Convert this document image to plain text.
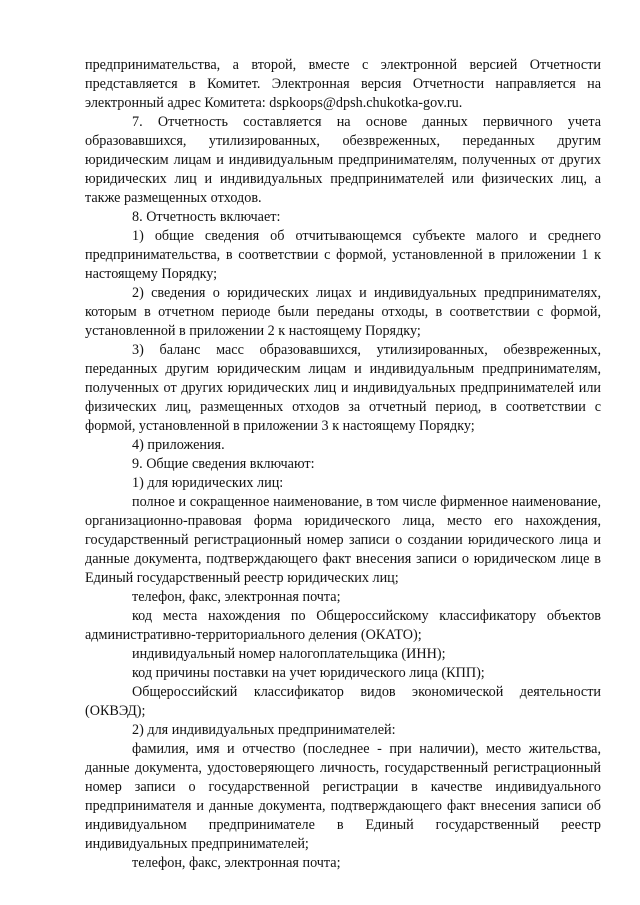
предпринимательства, а второй, вместе с электронной версией Отчетности представляется в Комитет. Электронная версия Отчетности направляется на электронный адрес Комитета: dspkoops@dpsh.chukotka-gov.ru.

7. Отчетность составляется на основе данных первичного учета образовавшихся, утилизированных, обезвреженных, переданных другим юридическим лицам и индивидуальным предпринимателям, полученных от других юридических лиц и индивидуальных предпринимателей или физических лиц, а также размещенных отходов.

8. Отчетность включает:

1) общие сведения об отчитывающемся субъекте малого и среднего предпринимательства, в соответствии с формой, установленной в приложении 1 к настоящему Порядку;

2) сведения о юридических лицах и индивидуальных предпринимателях, которым в отчетном периоде были переданы отходы, в соответствии с формой, установленной в приложении 2 к настоящему Порядку;

3) баланс масс образовавшихся, утилизированных, обезвреженных, переданных другим юридическим лицам и индивидуальным предпринимателям, полученных от других юридических лиц и индивидуальных предпринимателей или физических лиц, размещенных отходов за отчетный период, в соответствии с формой, установленной в приложении 3 к настоящему Порядку;

4) приложения.

9. Общие сведения включают:

1) для юридических лиц:

полное и сокращенное наименование, в том числе фирменное наименование, организационно-правовая форма юридического лица, место его нахождения, государственный регистрационный номер записи о создании юридического лица и данные документа, подтверждающего факт внесения записи о юридическом лице в Единый государственный реестр юридических лиц;

телефон, факс, электронная почта;

код места нахождения по Общероссийскому классификатору объектов административно-территориального деления (ОКАТО);

индивидуальный номер налогоплательщика (ИНН);

код причины поставки на учет юридического лица (КПП);

Общероссийский классификатор видов экономической деятельности (ОКВЭД);

2) для индивидуальных предпринимателей:

фамилия, имя и отчество (последнее - при наличии), место жительства, данные документа, удостоверяющего личность, государственный регистрационный номер записи о государственной регистрации в качестве индивидуального предпринимателя и данные документа, подтверждающего факт внесения записи об индивидуальном предпринимателе в Единый государственный реестр индивидуальных предпринимателей;

телефон, факс, электронная почта;
